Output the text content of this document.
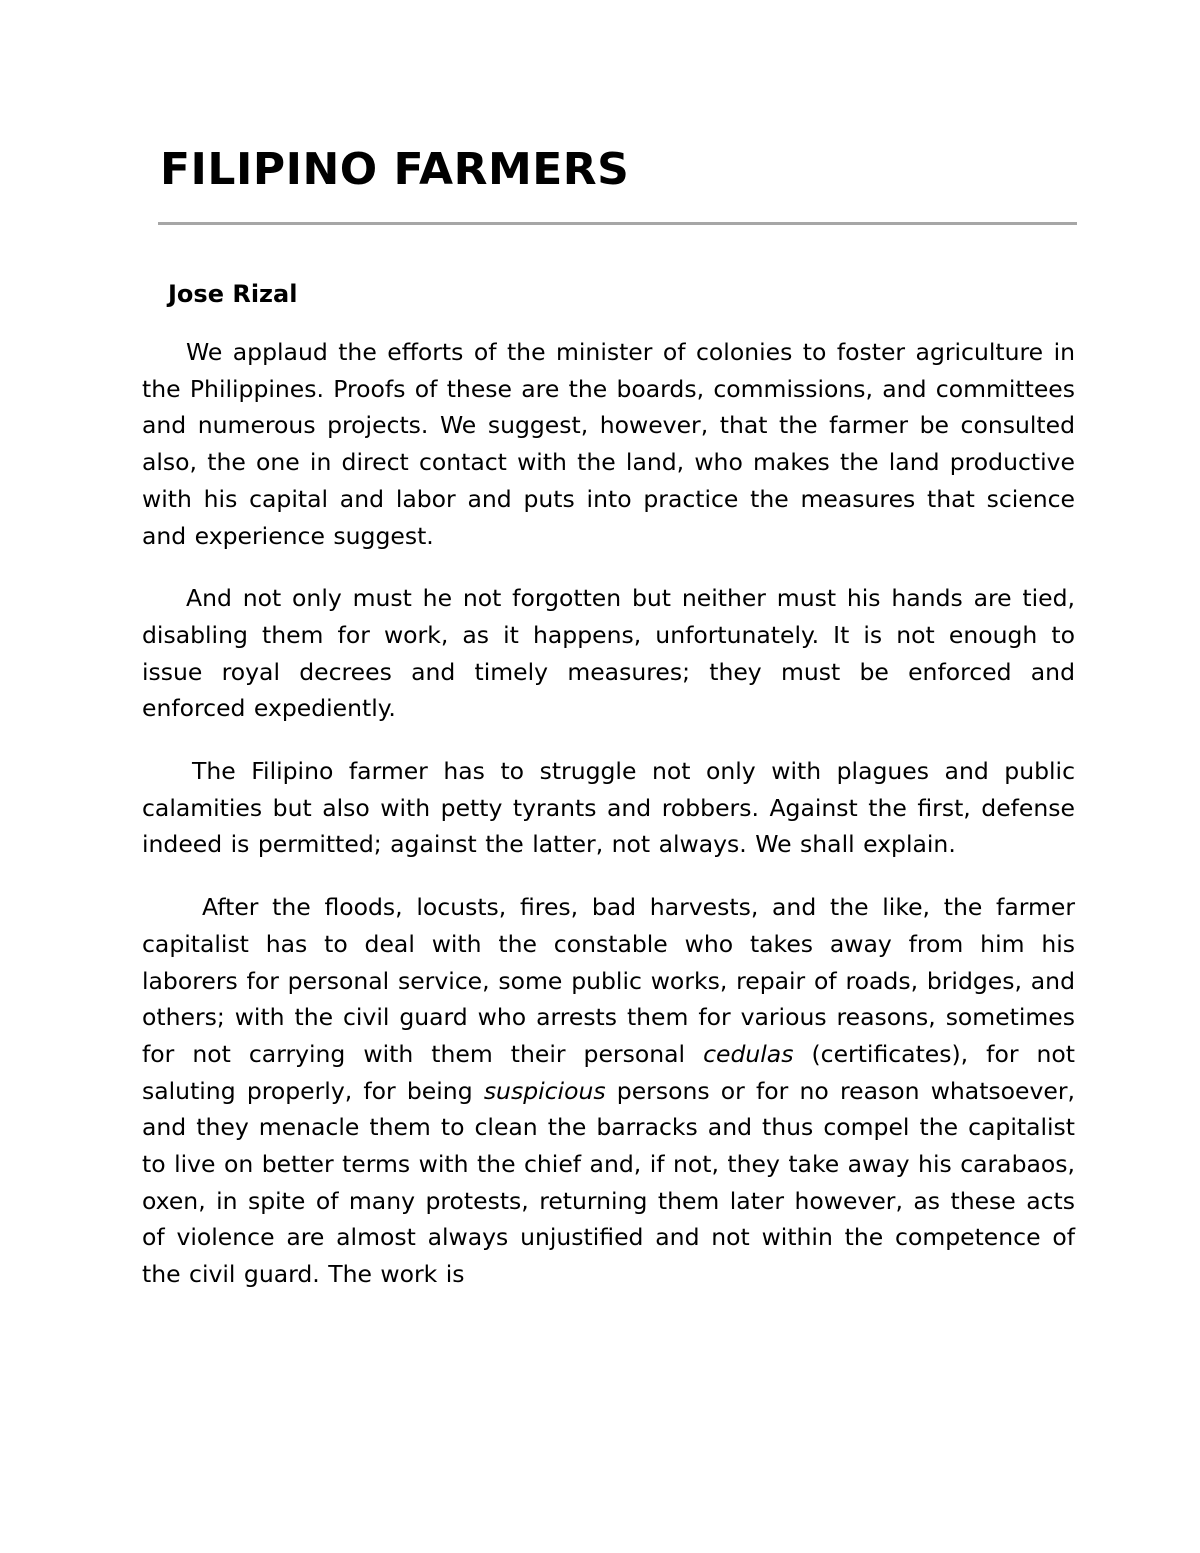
FILIPINO FARMERS
Jose Rizal

We applaud the efforts of the minister of colonies to foster agriculture in the Philippines. Proofs of these are the boards, commissions, and committees and numerous projects. We suggest, however, that the farmer be consulted also, the one in direct contact with the land, who makes the land productive with his capital and labor and puts into practice the measures that science and experience suggest.

And not only must he not forgotten but neither must his hands are tied, disabling them for work, as it happens, unfortunately. It is not enough to issue royal decrees and timely measures; they must be enforced and enforced expediently.

The Filipino farmer has to struggle not only with plagues and public calamities but also with petty tyrants and robbers. Against the first, defense indeed is permitted; against the latter, not always. We shall explain.

After the floods, locusts, fires, bad harvests, and the like, the farmer capitalist has to deal with the constable who takes away from him his laborers for personal service, some public works, repair of roads, bridges, and others; with the civil guard who arrests them for various reasons, sometimes for not carrying with them their personal cedulas (certificates), for not saluting properly, for being suspicious persons or for no reason whatsoever, and they menacle them to clean the barracks and thus compel the capitalist to live on better terms with the chief and, if not, they take away his carabaos, oxen, in spite of many protests, returning them later however, as these acts of violence are almost always unjustified and not within the competence of the civil guard. The work is
